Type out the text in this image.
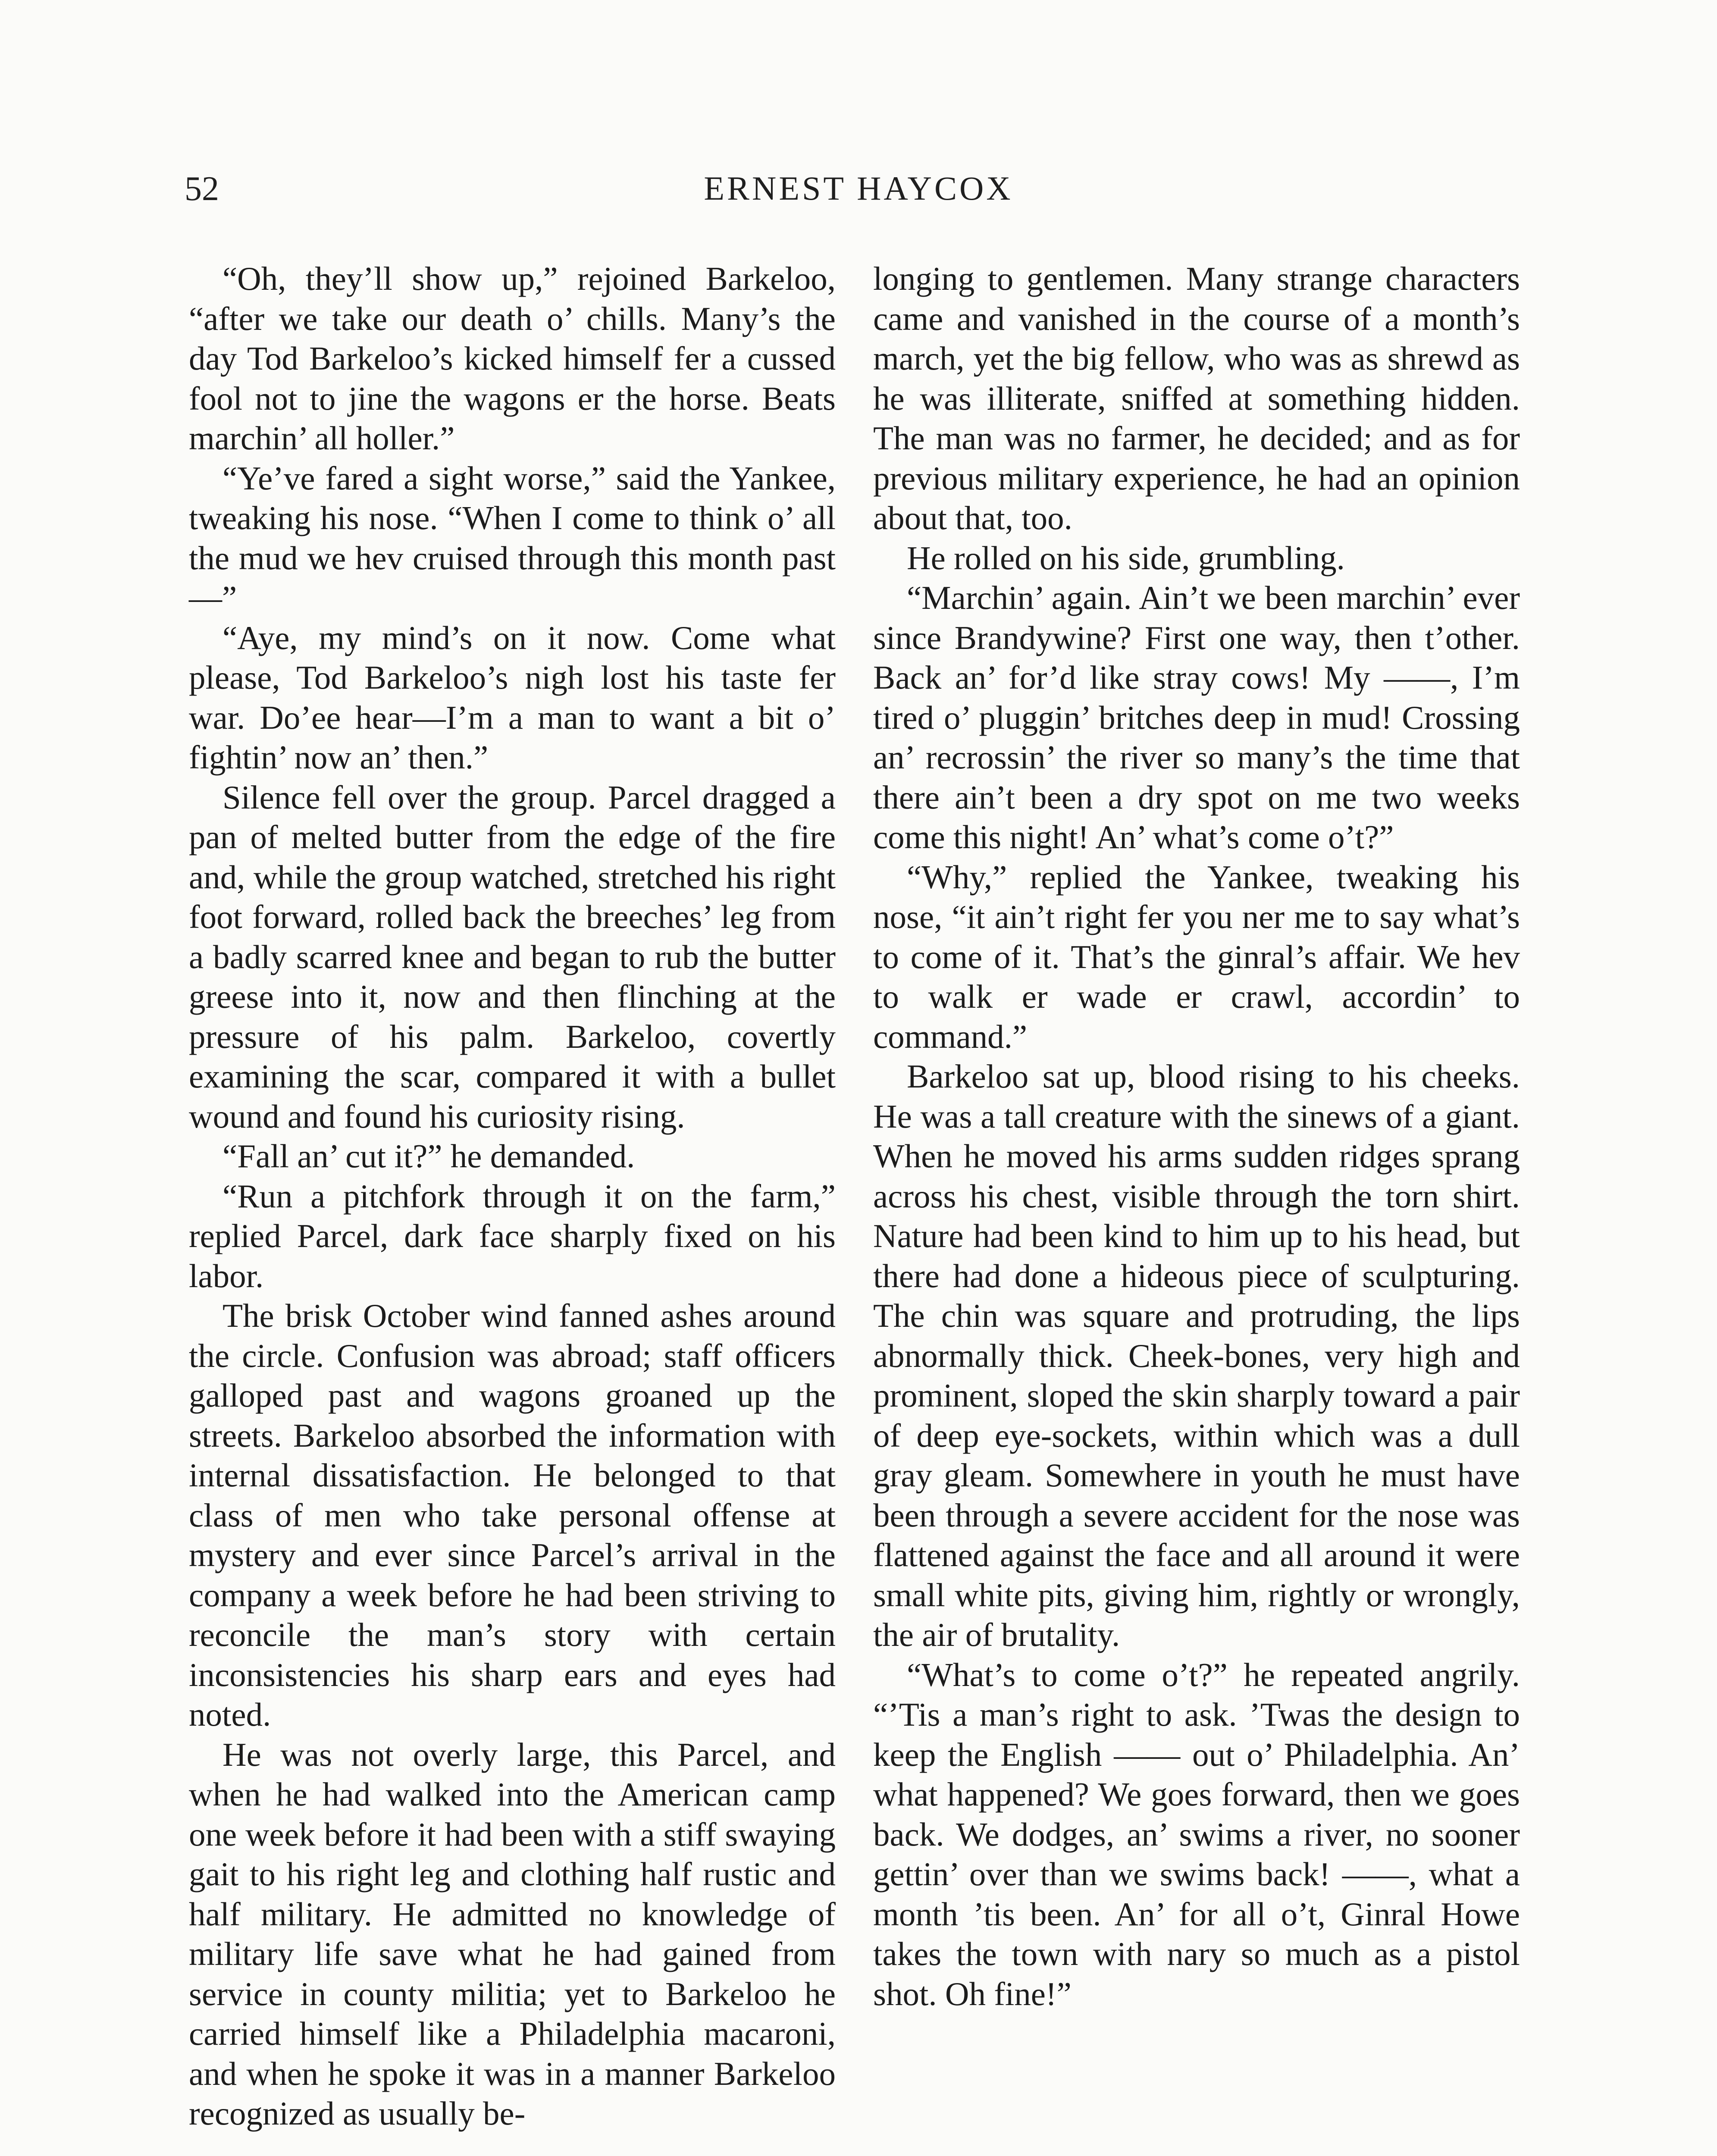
52	ERNEST HAYCOX

“Oh, they’ll show up,” rejoined Barkeloo, “after we take our death o’ chills. Many’s the day Tod Barkeloo’s kicked himself fer a cussed fool not to jine the wagons er the horse. Beats marchin’ all holler.”

“Ye’ve fared a sight worse,” said the Yankee, tweaking his nose. “When I come to think o’ all the mud we hev cruised through this month past—”

“Aye, my mind’s on it now. Come what please, Tod Barkeloo’s nigh lost his taste fer war. Do’ee hear—I’m a man to want a bit o’ fightin’ now an’ then.”

Silence fell over the group. Parcel dragged a pan of melted butter from the edge of the fire and, while the group watched, stretched his right foot forward, rolled back the breeches’ leg from a badly scarred knee and began to rub the butter greese into it, now and then flinching at the pressure of his palm. Barkeloo, covertly examining the scar, compared it with a bullet wound and found his curiosity rising.

“Fall an’ cut it?” he demanded.

“Run a pitchfork through it on the farm,” replied Parcel, dark face sharply fixed on his labor.

The brisk October wind fanned ashes around the circle. Confusion was abroad; staff officers galloped past and wagons groaned up the streets. Barkeloo absorbed the information with internal dissatisfaction. He belonged to that class of men who take personal offense at mystery and ever since Parcel’s arrival in the company a week before he had been striving to reconcile the man’s story with certain inconsistencies his sharp ears and eyes had noted.

He was not overly large, this Parcel, and when he had walked into the American camp one week before it had been with a stiff swaying gait to his right leg and clothing half rustic and half military. He admitted no knowledge of military life save what he had gained from service in county militia; yet to Barkeloo he carried himself like a Philadelphia macaroni, and when he spoke it was in a manner Barkeloo recognized as usually be-

longing to gentlemen. Many strange characters came and vanished in the course of a month’s march, yet the big fellow, who was as shrewd as he was illiterate, sniffed at something hidden. The man was no farmer, he decided; and as for previous military experience, he had an opinion about that, too.

He rolled on his side, grumbling.

“Marchin’ again. Ain’t we been marchin’ ever since Brandywine? First one way, then t’other. Back an’ for’d like stray cows! My ——, I’m tired o’ pluggin’ britches deep in mud! Crossing an’ recrossin’ the river so many’s the time that there ain’t been a dry spot on me two weeks come this night! An’ what’s come o’t?”

“Why,” replied the Yankee, tweaking his nose, “it ain’t right fer you ner me to say what’s to come of it. That’s the ginral’s affair. We hev to walk er wade er crawl, accordin’ to command.”

Barkeloo sat up, blood rising to his cheeks. He was a tall creature with the sinews of a giant. When he moved his arms sudden ridges sprang across his chest, visible through the torn shirt. Nature had been kind to him up to his head, but there had done a hideous piece of sculpturing. The chin was square and protruding, the lips abnormally thick. Cheek-bones, very high and prominent, sloped the skin sharply toward a pair of deep eye-sockets, within which was a dull gray gleam. Somewhere in youth he must have been through a severe accident for the nose was flattened against the face and all around it were small white pits, giving him, rightly or wrongly, the air of brutality.

“What’s to come o’t?” he repeated angrily. “’Tis a man’s right to ask. ’Twas the design to keep the English —— out o’ Philadelphia. An’ what happened? We goes forward, then we goes back. We dodges, an’ swims a river, no sooner gettin’ over than we swims back! ——, what a month ’tis been. An’ for all o’t, Ginral Howe takes the town with nary so much as a pistol shot. Oh fine!”
